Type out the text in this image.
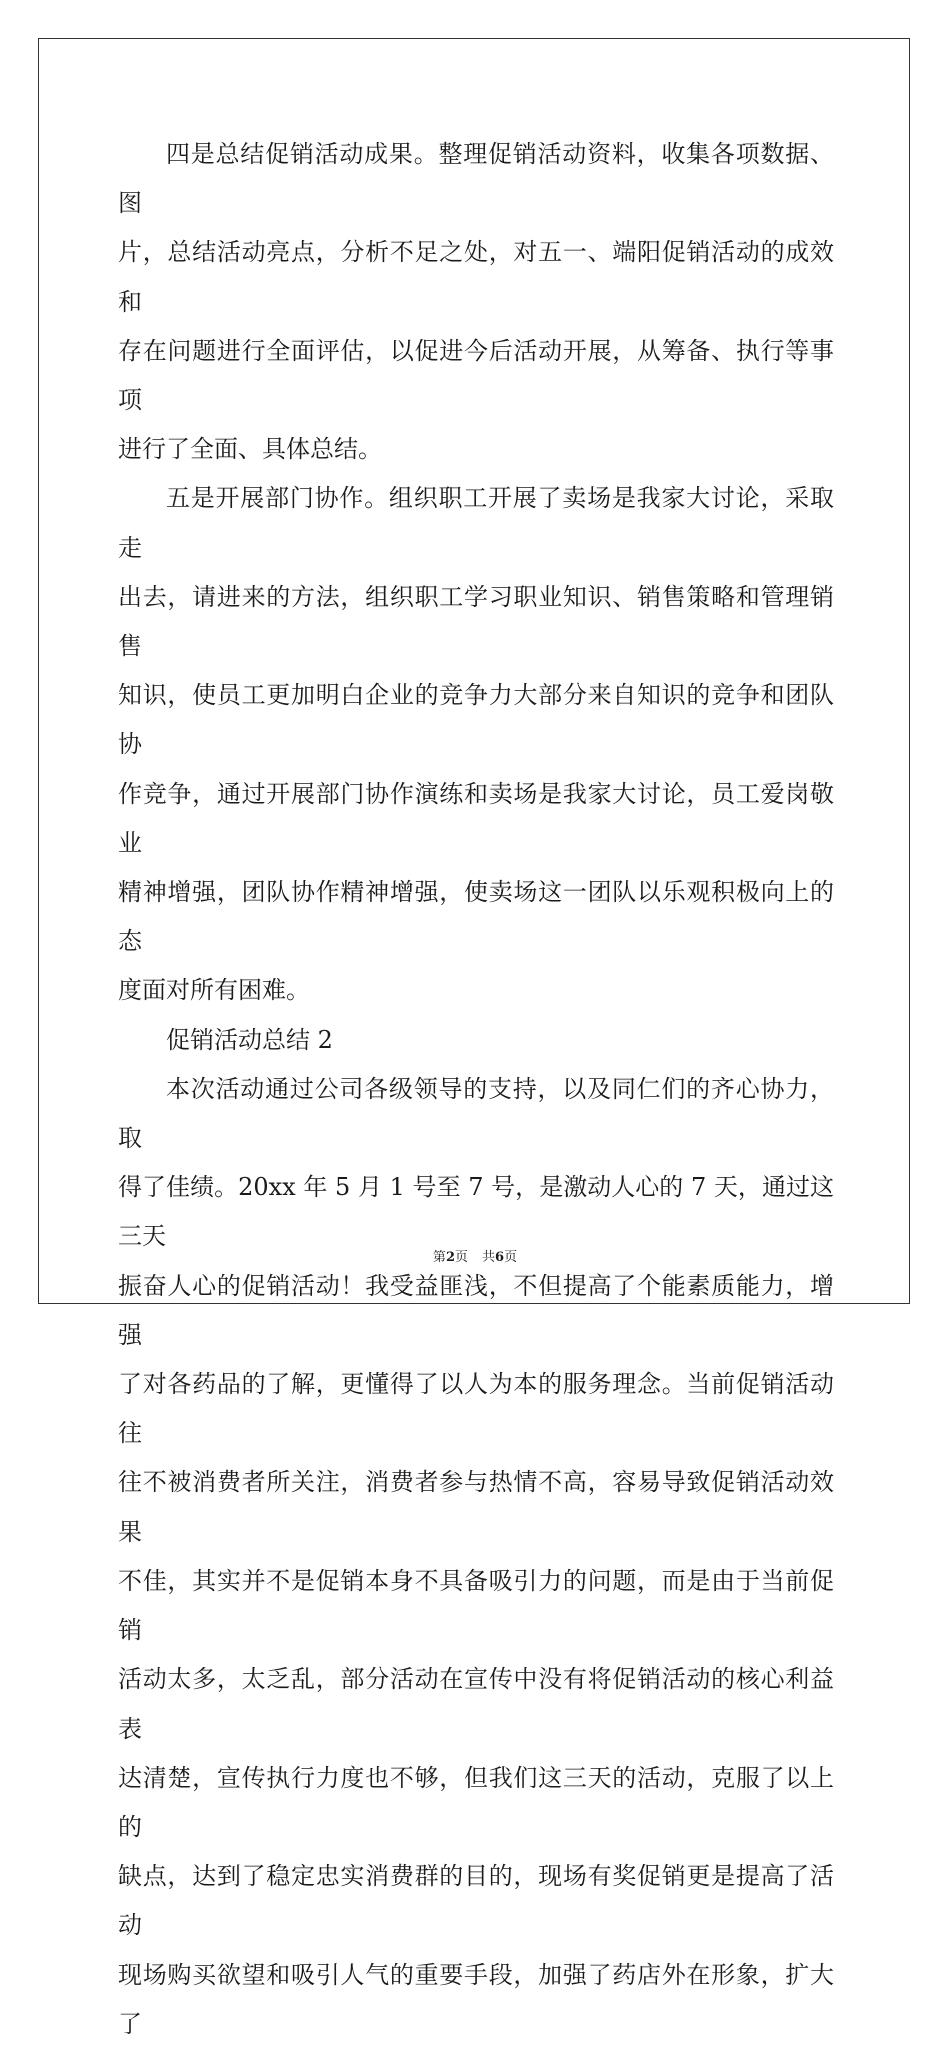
四是总结促销活动成果。整理促销活动资料，收集各项数据、图
片，总结活动亮点，分析不足之处，对五一、端阳促销活动的成效和
存在问题进行全面评估，以促进今后活动开展，从筹备、执行等事项
进行了全面、具体总结。

五是开展部门协作。组织职工开展了卖场是我家大讨论，采取走
出去，请进来的方法，组织职工学习职业知识、销售策略和管理销售
知识，使员工更加明白企业的竞争力大部分来自知识的竞争和团队协
作竞争，通过开展部门协作演练和卖场是我家大讨论，员工爱岗敬业
精神增强，团队协作精神增强，使卖场这一团队以乐观积极向上的态
度面对所有困难。

促销活动总结 2

本次活动通过公司各级领导的支持，以及同仁们的齐心协力，取
得了佳绩。20xx 年 5 月 1 号至 7 号，是激动人心的 7 天，通过这三天
振奋人心的促销活动！我受益匪浅，不但提高了个能素质能力，增强
了对各药品的了解，更懂得了以人为本的服务理念。当前促销活动往
往不被消费者所关注，消费者参与热情不高，容易导致促销活动效果
不佳，其实并不是促销本身不具备吸引力的问题，而是由于当前促销
活动太多，太乏乱，部分活动在宣传中没有将促销活动的核心利益表
达清楚，宣传执行力度也不够，但我们这三天的活动，克服了以上的
缺点，达到了稳定忠实消费群的目的，现场有奖促销更是提高了活动
现场购买欲望和吸引人气的重要手段，加强了药店外在形象，扩大了

第2页 共6页
